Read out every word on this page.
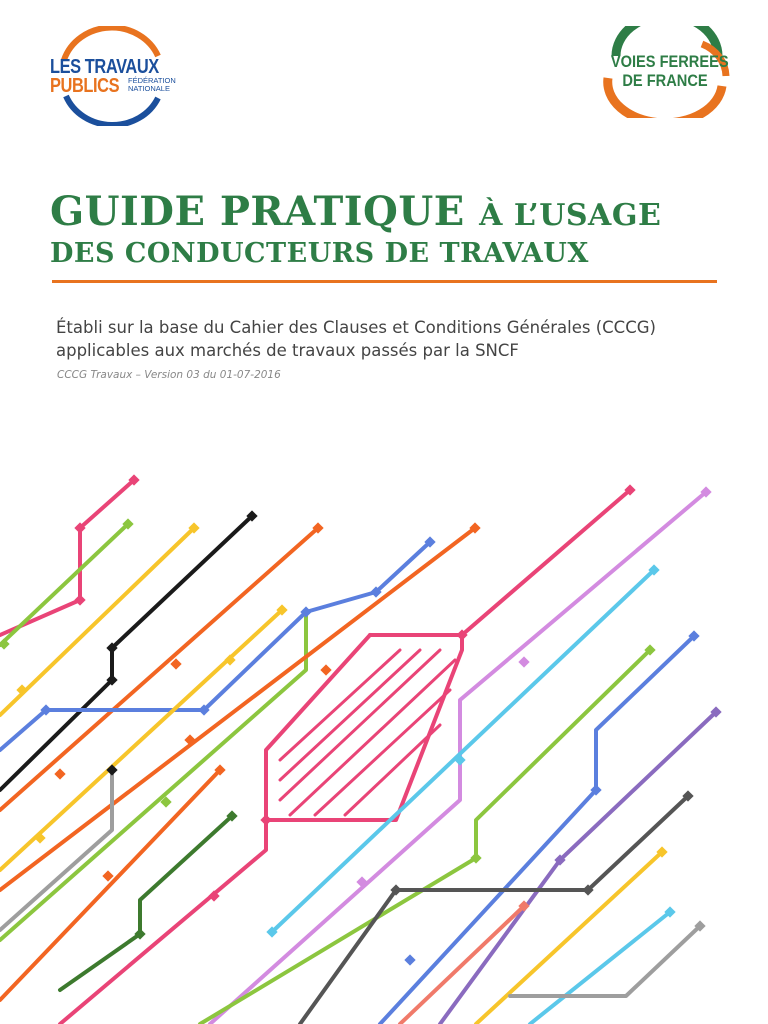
LES TRAVAUX
PUBLICS FÉDÉRATION
NATIONALE
VOIES FERREES
DE FRANCE
GUIDE PRATIQUE À L’USAGE
DES CONDUCTEURS DE TRAVAUX
Établi sur la base du Cahier des Clauses et Conditions Générales (CCCG)
applicables aux marchés de travaux passés par la SNCF
CCCG Travaux – Version 03 du 01-07-2016
